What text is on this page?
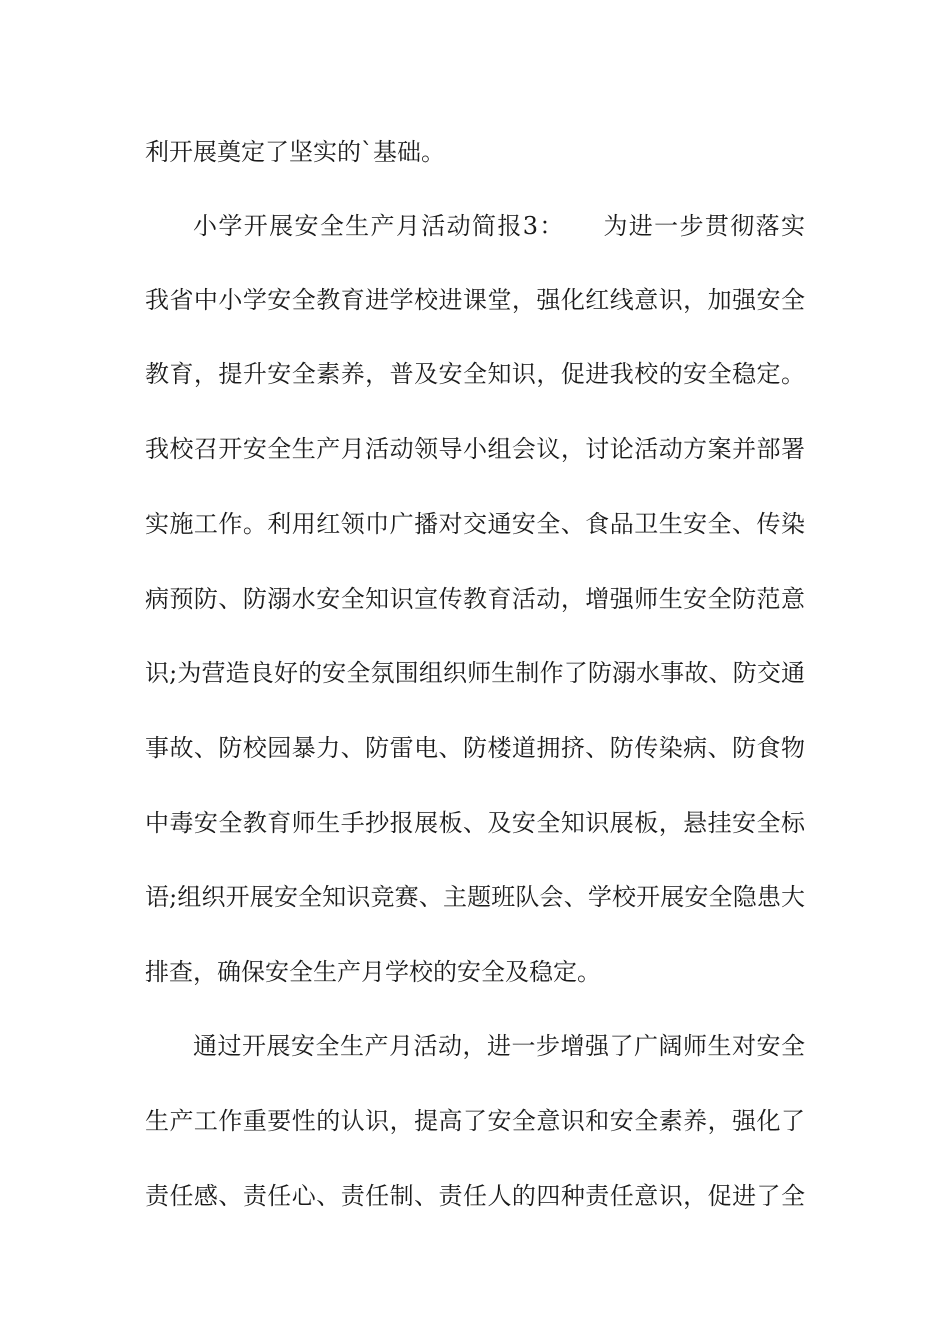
利开展奠定了坚实的`基础。
小学开展安全生产月活动简报3：　　为进一步贯彻落实
我省中小学安全教育进学校进课堂，强化红线意识，加强安全
教育，提升安全素养，普及安全知识，促进我校的安全稳定。
我校召开安全生产月活动领导小组会议，讨论活动方案并部署
实施工作。利用红领巾广播对交通安全、食品卫生安全、传染
病预防、防溺水安全知识宣传教育活动，增强师生安全防范意
识;为营造良好的安全氛围组织师生制作了防溺水事故、防交通
事故、防校园暴力、防雷电、防楼道拥挤、防传染病、防食物
中毒安全教育师生手抄报展板、及安全知识展板，悬挂安全标
语;组织开展安全知识竞赛、主题班队会、学校开展安全隐患大
排查，确保安全生产月学校的安全及稳定。
通过开展安全生产月活动，进一步增强了广阔师生对安全
生产工作重要性的认识，提高了安全意识和安全素养，强化了
责任感、责任心、责任制、责任人的四种责任意识，促进了全
